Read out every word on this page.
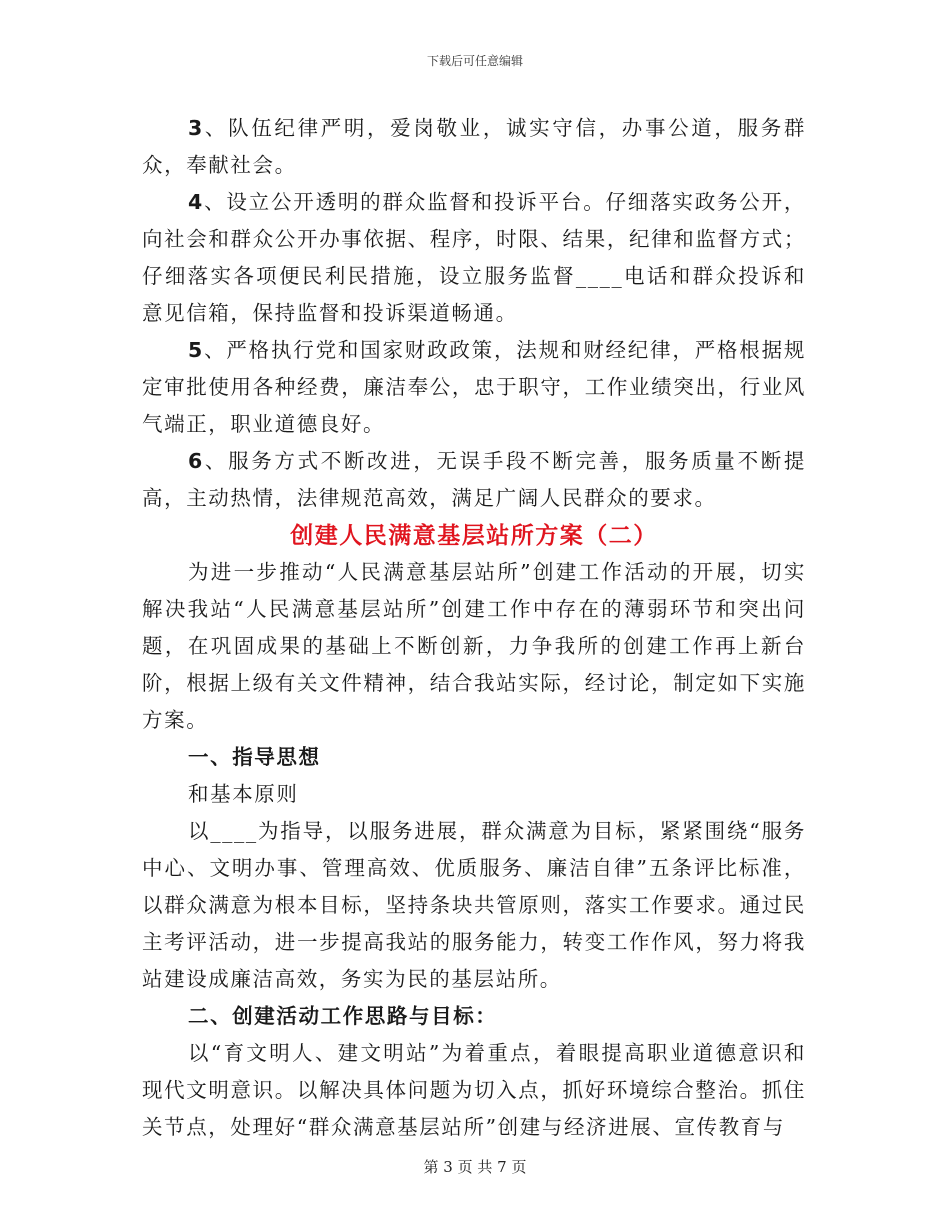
下载后可任意编辑

3、队伍纪律严明，爱岗敬业，诚实守信，办事公道，服务群众，奉献社会。

4、设立公开透明的群众监督和投诉平台。仔细落实政务公开，向社会和群众公开办事依据、程序，时限、结果，纪律和监督方式；仔细落实各项便民利民措施，设立服务监督____电话和群众投诉和意见信箱，保持监督和投诉渠道畅通。

5、严格执行党和国家财政政策，法规和财经纪律，严格根据规定审批使用各种经费，廉洁奉公，忠于职守，工作业绩突出，行业风气端正，职业道德良好。

6、服务方式不断改进，无误手段不断完善，服务质量不断提高，主动热情，法律规范高效，满足广阔人民群众的要求。

创建人民满意基层站所方案（二）

为进一步推动“人民满意基层站所”创建工作活动的开展，切实解决我站“人民满意基层站所”创建工作中存在的薄弱环节和突出问题，在巩固成果的基础上不断创新，力争我所的创建工作再上新台阶，根据上级有关文件精神，结合我站实际，经讨论，制定如下实施方案。

一、指导思想

和基本原则

以____为指导，以服务进展，群众满意为目标，紧紧围绕“服务中心、文明办事、管理高效、优质服务、廉洁自律”五条评比标准，以群众满意为根本目标，坚持条块共管原则，落实工作要求。通过民主考评活动，进一步提高我站的服务能力，转变工作作风，努力将我站建设成廉洁高效，务实为民的基层站所。

二、创建活动工作思路与目标：

以“育文明人、建文明站”为着重点，着眼提高职业道德意识和现代文明意识。以解决具体问题为切入点，抓好环境综合整治。抓住关节点，处理好“群众满意基层站所”创建与经济进展、宣传教育与

第 3 页 共 7 页
